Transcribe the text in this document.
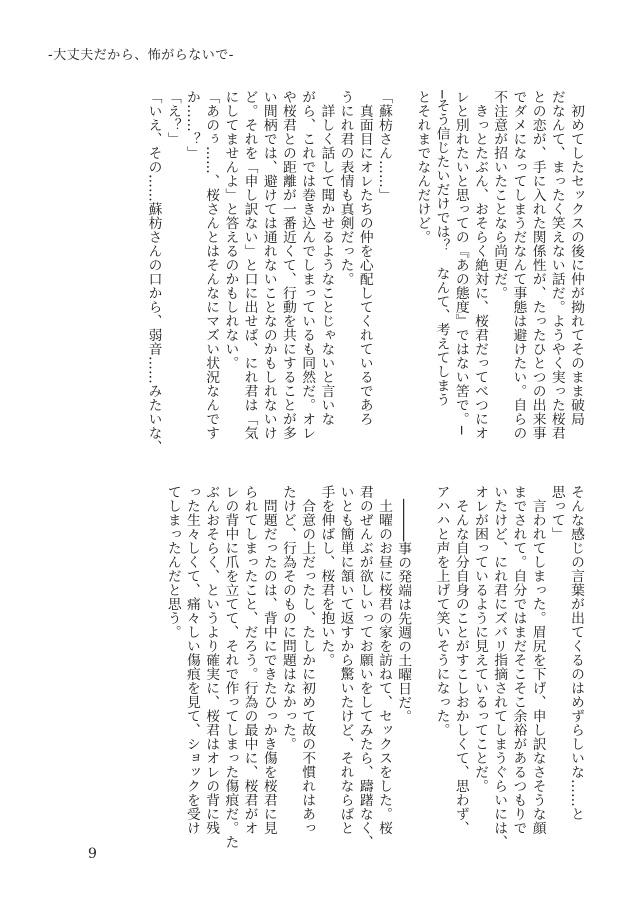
-大丈夫だから、怖がらないで-
　初めてしたセックスの後に仲が拗れてそのまま破局
だなんて、まったく笑えない話だ。ようやく実った桜君
との恋が、手に入れた関係性が、たったひとつの出来事
でダメになってしまうだなんて事態は避けたい。自らの
不注意が招いたことなら尚更だ。
　きっとたぶん、おそらく絶対に、桜君だってべつにオ
レと別れたいと思っての『あの態度』ではない筈で。─
─そう信じたいだけでは？　なんて、考えてしまう
とそれまでなんだけど。

「蘇枋さん……」
　真面目にオレたちの仲を心配してくれているであろ
うにれ君の表情も真剣だった。
　詳しく話して聞かせるようなことじゃないと言いな
がら、これでは巻き込んでしまっているも同然だ。オレ
や桜君との距離が一番近くて、行動を共にすることが多
い間柄では、避けては通れないことなのかもしれないけ
ど。それを「申し訳ない」と口に出せば、にれ君は「気
にしてませんよ」と答えるのかもしれない。
「あのぅ……、桜さんとはそんなにマズい状況なんです
か……？」
「え？」
「いえ、その……蘇枋さんの口から、弱音……みたいな、
そんな感じの言葉が出てくるのはめずらしいな……と
思って」
　言われてしまった。眉尻を下げ、申し訳なさそうな顔
までされて。自分ではまだそこそこ余裕があるつもりで
いたけど、にれ君にズバリ指摘されてしまうぐらいには、
オレが困っているように見えているってことだ。
　そんな自分自身のことがすこしおかしくて、思わず、
アハハと声を上げて笑いそうになった。

　─────事の発端は先週の土曜日だ。
　土曜のお昼に桜君の家を訪ねて、セックスをした。桜
君のぜんぶが欲しいってお願いをしてみたら、躊躇なく、
いとも簡単に頷いて返すから驚いたけど、それならばと
手を伸ばし、桜君を抱いた。
　合意の上だったし、たしかに初めて故の不慣れはあっ
たけど、行為そのものに問題はなかった。
　問題だったのは、背中にできたひっかき傷を桜君に見
られてしまったこと、だろう。行為の最中に、桜君がオ
レの背中に爪を立てて、それで作ってしまった傷痕だ。た
ぶんおそらく、というより確実に、桜君はオレの背に残
った生々しくて、痛々しい傷痕を見て、ショックを受け
てしまったんだと思う。
9
